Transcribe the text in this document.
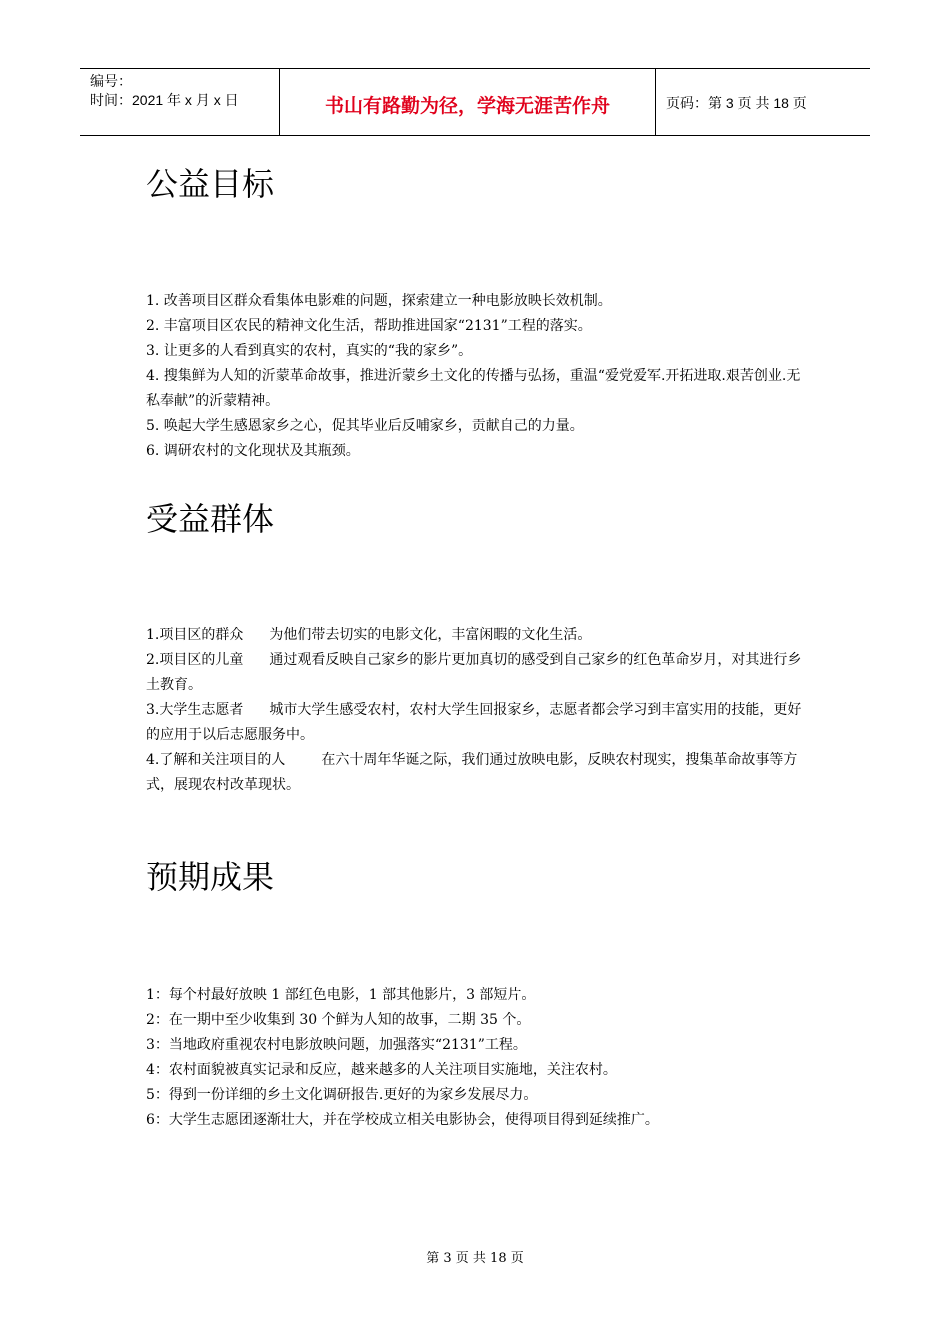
编号：
时间：2021 年 x 月 x 日	书山有路勤为径，学海无涯苦作舟	页码：第 3 页 共 18 页
公益目标

1. 改善项目区群众看集体电影难的问题，探索建立一种电影放映长效机制。

2. 丰富项目区农民的精神文化生活，帮助推进国家“2131”工程的落实。

3. 让更多的人看到真实的农村，真实的“我的家乡”。

4. 搜集鲜为人知的沂蒙革命故事，推进沂蒙乡土文化的传播与弘扬，重温“爱党爱军.开拓进取.艰苦创业.无私奉献”的沂蒙精神。

5. 唤起大学生感恩家乡之心，促其毕业后反哺家乡，贡献自己的力量。

6. 调研农村的文化现状及其瓶颈。

受益群体

1.项目区的群众 为他们带去切实的电影文化，丰富闲暇的文化生活。

2.项目区的儿童 通过观看反映自己家乡的影片更加真切的感受到自己家乡的红色革命岁月，对其进行乡土教育。

3.大学生志愿者 城市大学生感受农村，农村大学生回报家乡，志愿者都会学习到丰富实用的技能，更好的应用于以后志愿服务中。

4.了解和关注项目的人	在六十周年华诞之际，我们通过放映电影，反映农村现实，搜集革命故事等方式，展现农村改革现状。

预期成果

1：每个村最好放映 1 部红色电影，1 部其他影片，3 部短片。

2：在一期中至少收集到 30 个鲜为人知的故事，二期 35 个。

3：当地政府重视农村电影放映问题，加强落实“2131”工程。

4：农村面貌被真实记录和反应，越来越多的人关注项目实施地，关注农村。

5：得到一份详细的乡土文化调研报告.更好的为家乡发展尽力。

6：大学生志愿团逐渐壮大，并在学校成立相关电影协会，使得项目得到延续推广。

第 3 页 共 18 页
